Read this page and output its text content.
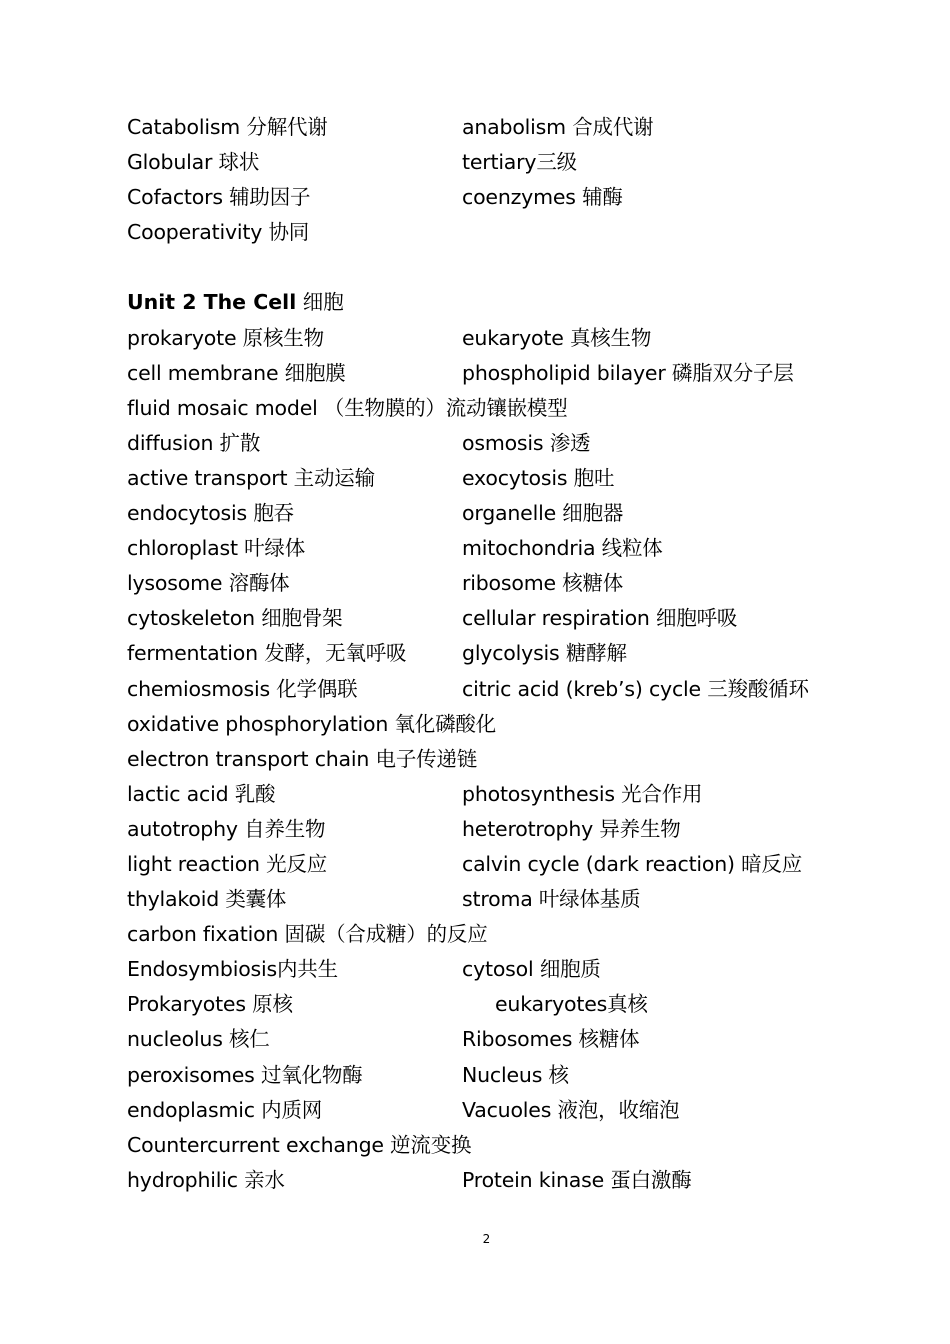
Catabolism 分解代谢	anabolism 合成代谢
Globular 球状	tertiary三级
Cofactors 辅助因子	coenzymes 辅酶
Cooperativity 协同
Unit 2 The Cell 细胞
prokaryote 原核生物	eukaryote 真核生物
cell membrane 细胞膜	phospholipid bilayer 磷脂双分子层
fluid mosaic model （生物膜的）流动镶嵌模型
diffusion 扩散	osmosis 渗透
active transport 主动运输	exocytosis 胞吐
endocytosis 胞吞	organelle 细胞器
chloroplast 叶绿体	mitochondria 线粒体
lysosome 溶酶体	ribosome 核糖体
cytoskeleton 细胞骨架	cellular respiration 细胞呼吸
fermentation 发酵，无氧呼吸	glycolysis 糖酵解
chemiosmosis 化学偶联	citric acid (kreb’s) cycle 三羧酸循环
oxidative phosphorylation 氧化磷酸化
electron transport chain 电子传递链
lactic acid 乳酸	photosynthesis 光合作用
autotrophy 自养生物	heterotrophy 异养生物
light reaction 光反应	calvin cycle (dark reaction) 暗反应
thylakoid 类囊体	stroma 叶绿体基质
carbon fixation 固碳（合成糖）的反应
Endosymbiosis内共生	cytosol 细胞质
Prokaryotes 原核	eukaryotes真核
nucleolus 核仁	Ribosomes 核糖体
peroxisomes 过氧化物酶	Nucleus 核
endoplasmic 内质网	Vacuoles 液泡，收缩泡
Countercurrent exchange 逆流变换
hydrophilic 亲水	Protein kinase 蛋白激酶
2
